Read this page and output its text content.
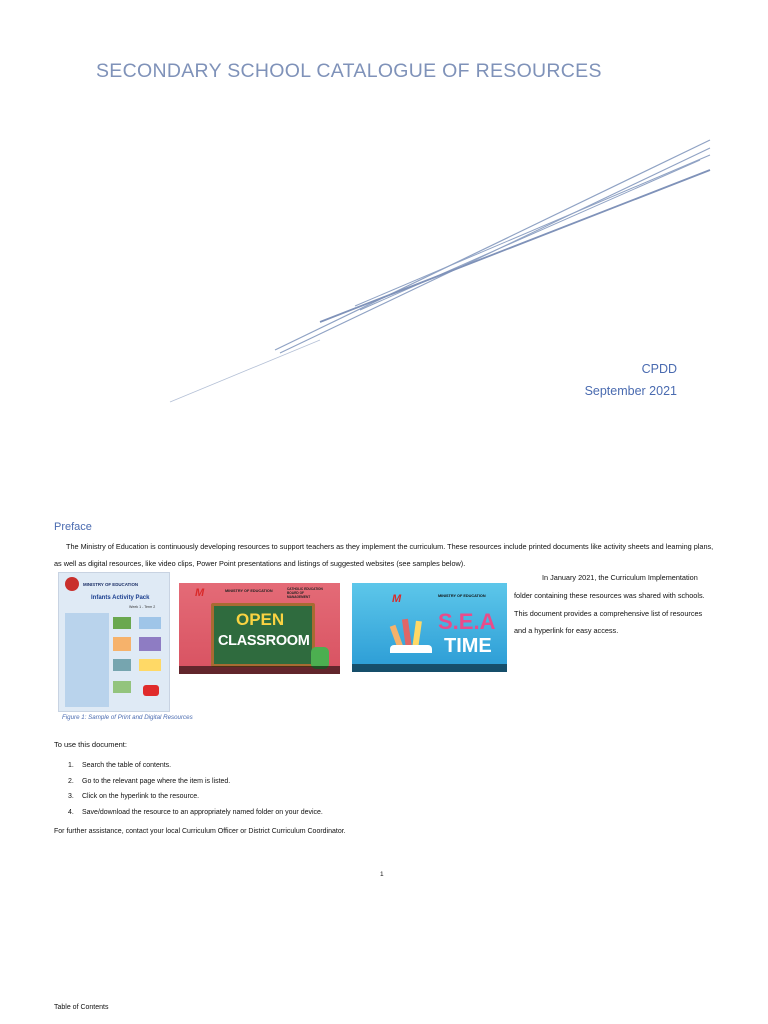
SECONDARY SCHOOL CATALOGUE OF RESOURCES
CPDD
September 2021
Preface
The Ministry of Education is continuously developing resources to support teachers as they implement the curriculum. These resources include printed documents like activity sheets and learning plans, as well as digital resources, like video clips, Power Point presentations and listings of suggested websites (see samples below).
MINISTRY OF EDUCATION
Infants Activity Pack
Week 1 - Term 2
MINISTRY OF EDUCATION	CATHOLIC EDUCATION BOARD OF MANAGEMENT
M
OPEN
CLASSROOM
M	MINISTRY OF EDUCATION
S.E.A
TIME
Figure 1: Sample of Print and Digital Resources
In January 2021, the Curriculum Implementation folder containing these resources was shared with schools. This document provides a comprehensive list of resources and a hyperlink for easy access.
To use this document:
1. Search the table of contents.
2. Go to the relevant page where the item is listed.
3. Click on the hyperlink to the resource.
4. Save/download the resource to an appropriately named folder on your device.
For further assistance, contact your local Curriculum Officer or District Curriculum Coordinator.
1
Table of Contents
